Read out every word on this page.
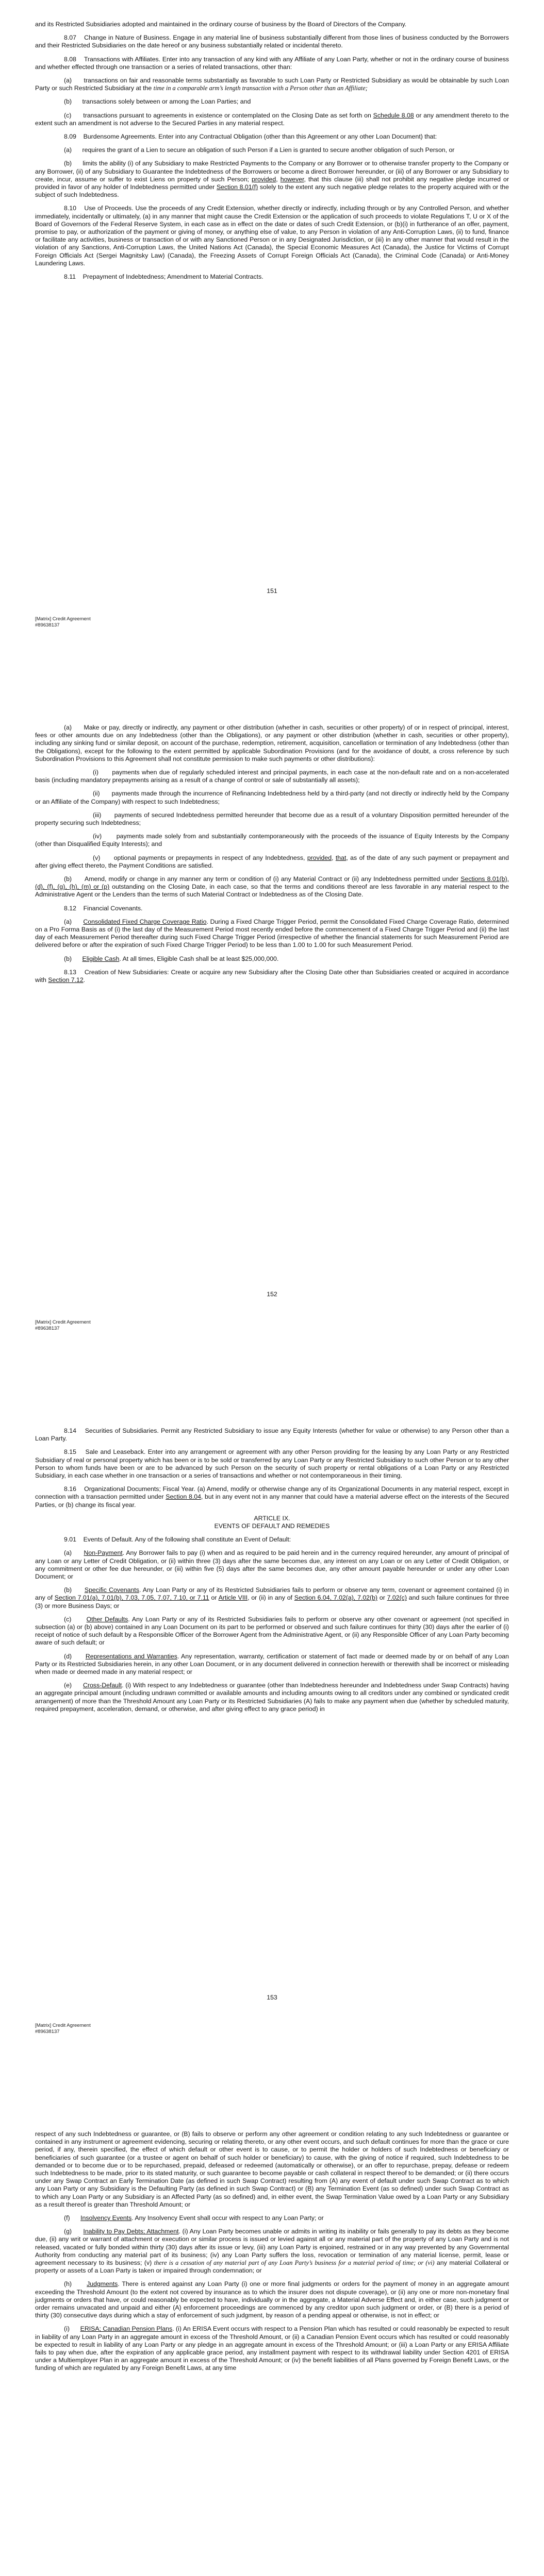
and its Restricted Subsidiaries adopted and maintained in the ordinary course of business by the Board of Directors of the Company.

8.07    Change in Nature of Business. Engage in any material line of business substantially different from those lines of business conducted by the Borrowers and their Restricted Subsidiaries on the date hereof or any business substantially related or incidental thereto.

8.08    Transactions with Affiliates. Enter into any transaction of any kind with any Affiliate of any Loan Party, whether or not in the ordinary course of business and whether effected through one transaction or a series of related transactions, other than:

(a)      transactions on fair and reasonable terms substantially as favorable to such Loan Party or Restricted Subsidiary as would be obtainable by such Loan Party or such Restricted Subsidiary at the time in a comparable arm’s length transaction with a Person other than an Affiliate;

(b)      transactions solely between or among the Loan Parties; and

(c)      transactions pursuant to agreements in existence or contemplated on the Closing Date as set forth on Schedule 8.08 or any amendment thereto to the extent such an amendment is not adverse to the Secured Parties in any material respect.

8.09    Burdensome Agreements. Enter into any Contractual Obligation (other than this Agreement or any other Loan Document) that:

(a)      requires the grant of a Lien to secure an obligation of such Person if a Lien is granted to secure another obligation of such Person, or

(b)      limits the ability (i) of any Subsidiary to make Restricted Payments to the Company or any Borrower or to otherwise transfer property to the Company or any Borrower, (ii) of any Subsidiary to Guarantee the Indebtedness of the Borrowers or become a direct Borrower hereunder, or (iii) of any Borrower or any Subsidiary to create, incur, assume or suffer to exist Liens on property of such Person; provided, however, that this clause (iii) shall not prohibit any negative pledge incurred or provided in favor of any holder of Indebtedness permitted under Section 8.01(f) solely to the extent any such negative pledge relates to the property acquired with or the subject of such Indebtedness.

8.10    Use of Proceeds. Use the proceeds of any Credit Extension, whether directly or indirectly, including through or by any Controlled Person, and whether immediately, incidentally or ultimately, (a) in any manner that might cause the Credit Extension or the application of such proceeds to violate Regulations T, U or X of the Board of Governors of the Federal Reserve System, in each case as in effect on the date or dates of such Credit Extension, or (b)(i) in furtherance of an offer, payment, promise to pay, or authorization of the payment or giving of money, or anything else of value, to any Person in violation of any Anti-Corruption Laws, (ii) to fund, finance or facilitate any activities, business or transaction of or with any Sanctioned Person or in any Designated Jurisdiction, or (iii) in any other manner that would result in the violation of any Sanctions, Anti-Corruption Laws, the United Nations Act (Canada), the Special Economic Measures Act (Canada), the Justice for Victims of Corrupt Foreign Officials Act (Sergei Magnitsky Law) (Canada), the Freezing Assets of Corrupt Foreign Officials Act (Canada), the Criminal Code (Canada) or Anti-Money Laundering Laws.

8.11    Prepayment of Indebtedness; Amendment to Material Contracts.

151
[Matrix] Credit Agreement
#89638137

(a)      Make or pay, directly or indirectly, any payment or other distribution (whether in cash, securities or other property) of or in respect of principal, interest, fees or other amounts due on any Indebtedness (other than the Obligations), or any payment or other distribution (whether in cash, securities or other property), including any sinking fund or similar deposit, on account of the purchase, redemption, retirement, acquisition, cancellation or termination of any Indebtedness (other than the Obligations), except for the following to the extent permitted by applicable Subordination Provisions (and for the avoidance of doubt, a cross reference by such Subordination Provisions to this Agreement shall not constitute permission to make such payments or other distributions):

(i)      payments when due of regularly scheduled interest and principal payments, in each case at the non-default rate and on a non-accelerated basis (including mandatory prepayments arising as a result of a change of control or sale of substantially all assets);

(ii)      payments made through the incurrence of Refinancing Indebtedness held by a third-party (and not directly or indirectly held by the Company or an Affiliate of the Company) with respect to such Indebtedness;

(iii)      payments of secured Indebtedness permitted hereunder that become due as a result of a voluntary Disposition permitted hereunder of the property securing such Indebtedness;

(iv)      payments made solely from and substantially contemporaneously with the proceeds of the issuance of Equity Interests by the Company (other than Disqualified Equity Interests); and

(v)      optional payments or prepayments in respect of any Indebtedness, provided, that, as of the date of any such payment or prepayment and after giving effect thereto, the Payment Conditions are satisfied.

(b)      Amend, modify or change in any manner any term or condition of (i) any Material Contract or (ii) any Indebtedness permitted under Sections 8.01(b), (d), (f), (g), (h), (m) or (p) outstanding on the Closing Date, in each case, so that the terms and conditions thereof are less favorable in any material respect to the Administrative Agent or the Lenders than the terms of such Material Contract or Indebtedness as of the Closing Date.

8.12    Financial Covenants.

(a)      Consolidated Fixed Charge Coverage Ratio. During a Fixed Charge Trigger Period, permit the Consolidated Fixed Charge Coverage Ratio, determined on a Pro Forma Basis as of (i) the last day of the Measurement Period most recently ended before the commencement of a Fixed Charge Trigger Period and (ii) the last day of each Measurement Period thereafter during such Fixed Charge Trigger Period (irrespective of whether the financial statements for such Measurement Period are delivered before or after the expiration of such Fixed Charge Trigger Period) to be less than 1.00 to 1.00 for such Measurement Period.

(b)      Eligible Cash. At all times, Eligible Cash shall be at least $25,000,000.

8.13    Creation of New Subsidiaries: Create or acquire any new Subsidiary after the Closing Date other than Subsidiaries created or acquired in accordance with Section 7.12.

152
[Matrix] Credit Agreement
#89638137

8.14    Securities of Subsidiaries. Permit any Restricted Subsidiary to issue any Equity Interests (whether for value or otherwise) to any Person other than a Loan Party.

8.15    Sale and Leaseback. Enter into any arrangement or agreement with any other Person providing for the leasing by any Loan Party or any Restricted Subsidiary of real or personal property which has been or is to be sold or transferred by any Loan Party or any Restricted Subsidiary to such other Person or to any other Person to whom funds have been or are to be advanced by such Person on the security of such property or rental obligations of a Loan Party or any Restricted Subsidiary, in each case whether in one transaction or a series of transactions and whether or not contemporaneous in their timing.

8.16    Organizational Documents; Fiscal Year. (a) Amend, modify or otherwise change any of its Organizational Documents in any material respect, except in connection with a transaction permitted under Section 8.04, but in any event not in any manner that could have a material adverse effect on the interests of the Secured Parties, or (b) change its fiscal year.

ARTICLE IX.

EVENTS OF DEFAULT AND REMEDIES

9.01    Events of Default. Any of the following shall constitute an Event of Default:

(a)      Non-Payment. Any Borrower fails to pay (i) when and as required to be paid herein and in the currency required hereunder, any amount of principal of any Loan or any Letter of Credit Obligation, or (ii) within three (3) days after the same becomes due, any interest on any Loan or on any Letter of Credit Obligation, or any commitment or other fee due hereunder, or (iii) within five (5) days after the same becomes due, any other amount payable hereunder or under any other Loan Document; or

(b)      Specific Covenants. Any Loan Party or any of its Restricted Subsidiaries fails to perform or observe any term, covenant or agreement contained (i) in any of Section 7.01(a), 7.01(b), 7.03, 7.05, 7.07, 7.10, or 7.11 or Article VIII, or (ii) in any of Section 6.04, 7.02(a), 7.02(b) or 7.02(c) and such failure continues for three (3) or more Business Days; or

(c)      Other Defaults. Any Loan Party or any of its Restricted Subsidiaries fails to perform or observe any other covenant or agreement (not specified in subsection (a) or (b) above) contained in any Loan Document on its part to be performed or observed and such failure continues for thirty (30) days after the earlier of (i) receipt of notice of such default by a Responsible Officer of the Borrower Agent from the Administrative Agent, or (ii) any Responsible Officer of any Loan Party becoming aware of such default; or

(d)      Representations and Warranties. Any representation, warranty, certification or statement of fact made or deemed made by or on behalf of any Loan Party or its Restricted Subsidiaries herein, in any other Loan Document, or in any document delivered in connection herewith or therewith shall be incorrect or misleading when made or deemed made in any material respect; or

(e)      Cross-Default. (i) With respect to any Indebtedness or guarantee (other than Indebtedness hereunder and Indebtedness under Swap Contracts) having an aggregate principal amount (including undrawn committed or available amounts and including amounts owing to all creditors under any combined or syndicated credit arrangement) of more than the Threshold Amount any Loan Party or its Restricted Subsidiaries (A) fails to make any payment when due (whether by scheduled maturity, required prepayment, acceleration, demand, or otherwise, and after giving effect to any grace period) in

153
[Matrix] Credit Agreement
#89638137

respect of any such Indebtedness or guarantee, or (B) fails to observe or perform any other agreement or condition relating to any such Indebtedness or guarantee or contained in any instrument or agreement evidencing, securing or relating thereto, or any other event occurs, and such default continues for more than the grace or cure period, if any, therein specified, the effect of which default or other event is to cause, or to permit the holder or holders of such Indebtedness or beneficiary or beneficiaries of such guarantee (or a trustee or agent on behalf of such holder or beneficiary) to cause, with the giving of notice if required, such Indebtedness to be demanded or to become due or to be repurchased, prepaid, defeased or redeemed (automatically or otherwise), or an offer to repurchase, prepay, defease or redeem such Indebtedness to be made, prior to its stated maturity, or such guarantee to become payable or cash collateral in respect thereof to be demanded; or (ii) there occurs under any Swap Contract an Early Termination Date (as defined in such Swap Contract) resulting from (A) any event of default under such Swap Contract as to which any Loan Party or any Subsidiary is the Defaulting Party (as defined in such Swap Contract) or (B) any Termination Event (as so defined) under such Swap Contract as to which any Loan Party or any Subsidiary is an Affected Party (as so defined) and, in either event, the Swap Termination Value owed by a Loan Party or any Subsidiary as a result thereof is greater than Threshold Amount; or

(f)      Insolvency Events. Any Insolvency Event shall occur with respect to any Loan Party; or

(g)      Inability to Pay Debts; Attachment. (i) Any Loan Party becomes unable or admits in writing its inability or fails generally to pay its debts as they become due, (ii) any writ or warrant of attachment or execution or similar process is issued or levied against all or any material part of the property of any Loan Party and is not released, vacated or fully bonded within thirty (30) days after its issue or levy, (iii) any Loan Party is enjoined, restrained or in any way prevented by any Governmental Authority from conducting any material part of its business; (iv) any Loan Party suffers the loss, revocation or termination of any material license, permit, lease or agreement necessary to its business; (v) there is a cessation of any material part of any Loan Party’s business for a material period of time; or (vi) any material Collateral or property or assets of a Loan Party is taken or impaired through condemnation; or

(h)      Judgments. There is entered against any Loan Party (i) one or more final judgments or orders for the payment of money in an aggregate amount exceeding the Threshold Amount (to the extent not covered by insurance as to which the insurer does not dispute coverage), or (ii) any one or more non-monetary final judgments or orders that have, or could reasonably be expected to have, individually or in the aggregate, a Material Adverse Effect and, in either case, such judgment or order remains unvacated and unpaid and either (A) enforcement proceedings are commenced by any creditor upon such judgment or order, or (B) there is a period of thirty (30) consecutive days during which a stay of enforcement of such judgment, by reason of a pending appeal or otherwise, is not in effect; or

(i)      ERISA; Canadian Pension Plans. (i) An ERISA Event occurs with respect to a Pension Plan which has resulted or could reasonably be expected to result in liability of any Loan Party in an aggregate amount in excess of the Threshold Amount, or (ii) a Canadian Pension Event occurs which has resulted or could reasonably be expected to result in liability of any Loan Party or any pledge in an aggregate amount in excess of the Threshold Amount; or (iii) a Loan Party or any ERISA Affiliate fails to pay when due, after the expiration of any applicable grace period, any installment payment with respect to its withdrawal liability under Section 4201 of ERISA under a Multiemployer Plan in an aggregate amount in excess of the Threshold Amount; or (iv) the benefit liabilities of all Plans governed by Foreign Benefit Laws, or the funding of which are regulated by any Foreign Benefit Laws, at any time
